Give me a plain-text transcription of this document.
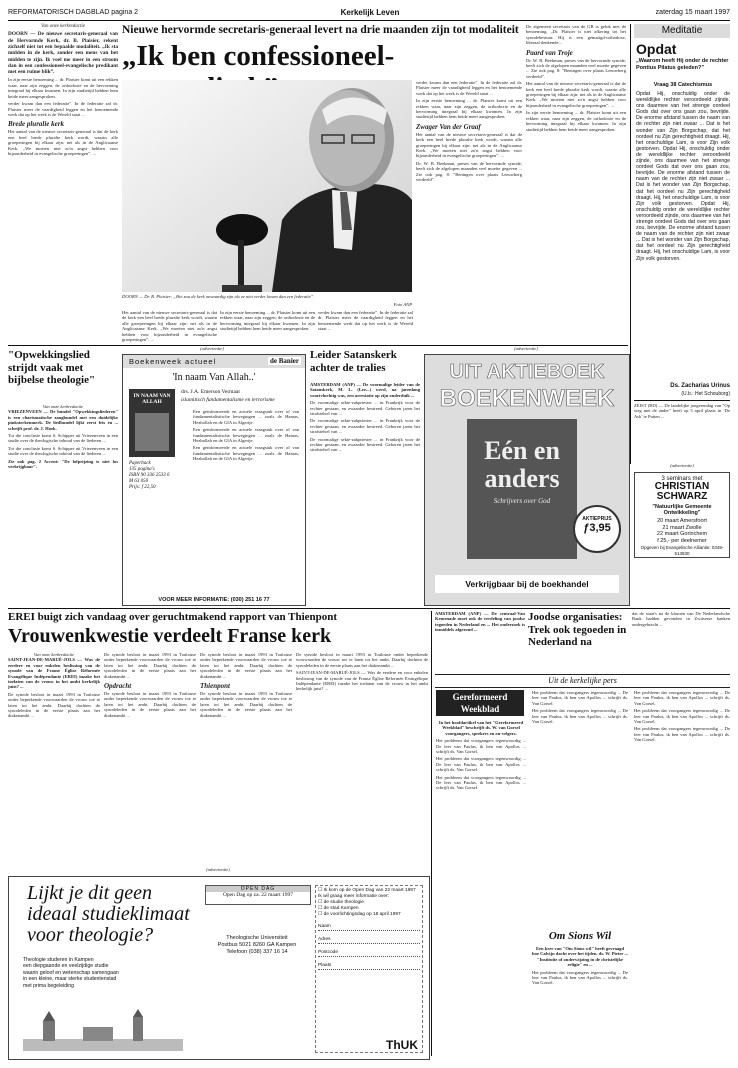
REFORMATORISCH DAGBLAD pagina 2	Kerkelijk Leven	zaterdag 15 maart 1997
Van onze kerkredactie

DOORN — De nieuwe secretaris-generaal van de Hervormde Kerk, dr. B. Plaisier, rekent zichzelf niet tot een bepaalde modaliteit. „Ik sta midden in de kerk, zonder een mens van het midden te zijn. Ik voel me meer in een stroom dan in een confessioneel-evangelische predikant met een ruime blik”.

In zijn eerste benoeming ... dr. Plaisier komt uit een rekken waar, naar zijn zeggen, de orthodoxie en de hervorming integraal bij elkaar kwamen. In zijn studietijd hebben hem beide meer aangesproken.

verder kwam dan een federatie”. In de federatie zal dr. Plaisier meer de vaardigheid leggen en het benoemende werk dat op het werk is de Wereld staat ...

Brede pluralie kerk

Het aantal van de nieuwe secretaris-generaal is dat de kerk een heel brede pluralie kerk wordt, waarin alle groeperingen bij elkaar zijn: net als in de Anglicaanse Kerk. „We moeten niet zo'n angst hebben voor bijzonderheid in evangelische groeperingen”. ...

Nieuwe hervormde secretaris-generaal levert na drie maanden zijn tot modaliteit
„Ik ben confessioneel-
DOORN — Dr. B. Plaisier: „Het zou de kerk onwaardig zijn als ze niet verder kwam dan een federatie”.
Foto ANP

Het aantal van de nieuwe secretaris-generaal is dat de kerk een heel brede pluralie kerk wordt, waarin alle groeperingen bij elkaar zijn: net als in de Anglicaanse Kerk. „We moeten niet zo'n angst hebben voor bijzonderheid in evangelische groeperingen”. ...

In zijn eerste benoeming ... dr. Plaisier komt uit een rekken waar, naar zijn zeggen, de orthodoxie en de hervorming integraal bij elkaar kwamen. In zijn studietijd hebben hem beide meer aangesproken.

verder kwam dan een federatie”. In de federatie zal dr. Plaisier meer de vaardigheid leggen en het benoemende werk dat op het werk is de Wereld staat ...

verder kwam dan een federatie”. In de federatie zal dr. Plaisier meer de vaardigheid leggen en het benoemende werk dat op het werk is de Wereld staat ...

In zijn eerste benoeming ... dr. Plaisier komt uit een rekken waar, naar zijn zeggen, de orthodoxie en de hervorming integraal bij elkaar kwamen. In zijn studietijd hebben hem beide meer aangesproken.

Zwager Van der Graaf

Het aantal van de nieuwe secretaris-generaal is dat de kerk een heel brede pluralie kerk wordt, waarin alle groeperingen bij elkaar zijn: net als in de Anglicaanse Kerk. „We moeten niet zo'n angst hebben voor bijzonderheid in evangelische groeperingen”. ...

Dr. W. B. Beekman, preses van de hervormde synode, beeft zich de afgelopen maanden veel moeite gegeven ... Zie ook pag. 8: "Beningen over plaats Leeuwberg verdeeld".

De algemeen secretaris van de GB is geluk met de benoeming. „Dr. Plaisier is niet afkering tot het synodebestuur. Hij is een gematigd-orthodoxe, liberaal denkende...

Paard van Troje

Dr. W. B. Beekman, preses van de hervormde synode, beeft zich de afgelopen maanden veel moeite gegeven ... Zie ook pag. 8: "Beningen over plaats Leeuwberg verdeeld".

Het aantal van de nieuwe secretaris-generaal is dat de kerk een heel brede pluralie kerk wordt, waarin alle groeperingen bij elkaar zijn: net als in de Anglicaanse Kerk. „We moeten niet zo'n angst hebben voor bijzonderheid in evangelische groeperingen”. ...

In zijn eerste benoeming ... dr. Plaisier komt uit een rekken waar, naar zijn zeggen, de orthodoxie en de hervorming integraal bij elkaar kwamen. In zijn studietijd hebben hem beide meer aangesproken.

Meditatie
Opdat
„Waarom heeft Hij onder de rechter Pontius Pilatus geleden?”
Vraag 38 Catechismus
Opdat Hij, onschuldig onder de wereldlijke rechter veroordeeld zijnde, ons daarmee van het strenge oordeel Gods dat over ons gaan zou, bevrijde. De enorme afstand tussen de naam van de rechter zijn niet zwaar ... Dat is het wonder van Zijn Borgschap, dat het oordeel nu Zijn gerechtigheid draagt. Hij, het onschuldige Lam, is voor Zijn volk gestorven. Opdat Hij, onschuldig onder de wereldlijke rechter veroordeeld zijnde, ons daarmee van het strenge oordeel Gods dat over ons gaan zou, bevrijde. De enorme afstand tussen de naam van de rechter zijn niet zwaar ... Dat is het wonder van Zijn Borgschap, dat het oordeel nu Zijn gerechtigheid draagt. Hij, het onschuldige Lam, is voor Zijn volk gestorven. Opdat Hij, onschuldig onder de wereldlijke rechter veroordeeld zijnde, ons daarmee van het strenge oordeel Gods dat over ons gaan zou, bevrijde. De enorme afstand tussen de naam van de rechter zijn niet zwaar ... Dat is het wonder van Zijn Borgschap, dat het oordeel nu Zijn gerechtigheid draagt. Hij, het onschuldige Lam, is voor Zijn volk gestorven.
Ds. Zacharias Urinus
(U.b.: Het Schouborg)
ZEIST (RD) — De landelijke jongerendag van "Op weg met de ander" heeft op 5 april plaats in ‘De Ark’ te Putten ...
(advertentie)
3 seminars met
CHRISTIAN SCHWARZ
"Natuurlijke Gemeente Ontwikkeling"
20 maart Amersfoort
21 maart Zwolle
22 maart Gorinchem
f 25,- per deelnemer
Opgeven bij Evangelische Alliantie: 0349-513930
"Opwekkingslied strijdt vaak met bijbelse theologie"
Van onze kerkredactie

VRIEZENVEEN — De bundel "Opwekkingsliederen" is een charismatische zangbundel met een duidelijke pinksterkenmerk. De liedbundel lijkt eerst fris en ... schrijft prof. dr. J. Hoek.

Tot die conclusie komt S. Schipper uit Vriezenveen in een studie over de theologische inhoud van de liederen ...

Tot die conclusie komt S. Schipper uit Vriezenveen in een studie over de theologische inhoud van de liederen ...

Zie ook pag. 2 Accent: "De lofprijzing is niet los verkrijgbaar".

(advertentie)
Boekenweek actueel	de Banier
'In naam Van Allah..'
IN NAAM VAN ALLAH
drs. J.A. Emerson Vermaat
islamitisch fundamentalisme en terrorisme
Paperback
135 pagina's
ISBN 90 336 2533 6
M 63 050
Prijs: f 22,50

Een geïnformeerde en actuele vraagstuk over of van fundamentalistische bewegingen ... zoals de Hamas, Hezbollah en de GIA in Algerije.

Een geïnformeerde en actuele vraagstuk over of van fundamentalistische bewegingen ... zoals de Hamas, Hezbollah en de GIA in Algerije.

Een geïnformeerde en actuele vraagstuk over of van fundamentalistische bewegingen ... zoals de Hamas, Hezbollah en de GIA in Algerije.

VOOR MEER INFORMATIE: (030) 251 16 77
Leider Satanskerk achter de tralies

AMSTERDAM (ANP) — De voormalige leider van de Satanskerk, M. L. (Lee...) werd, na jarenlang voortvluchtig was, een arrestatie op zijn onderduik ...

De voormalige sekte-zakpriester ... in Frankrijk voor de rechter gestaan, en zwaarder bestreed. Geboren jaren het strafstelsel van ...

De voormalige sekte-zakpriester ... in Frankrijk voor de rechter gestaan, en zwaarder bestreed. Geboren jaren het strafstelsel van ...

De voormalige sekte-zakpriester ... in Frankrijk voor de rechter gestaan, en zwaarder bestreed. Geboren jaren het strafstelsel van ...

(advertentie)
UIT AKTIEBOEK
BOEKENWEEK
Eén en anders
Schrijvers over God
AKTIEPRIJS
ƒ3,95
Verkrijgbaar bij de boekhandel
EREI buigt zich vandaag over geruchtmakend rapport van Thienpont
Vrouwenkwestie verdeelt Franse kerk
Van onze kerkredactie

SAINT-JEAN-DE-MARUÉ-JOLS — Was de eerdere en voor enkelen beslissing van de synode van de Franse Église Réformée Evangélique Indépendante (EREI) inzake het toelaten van de vrouw in het ambt kerkelijk juist? ...

De synode besloot in maart 1993 in Toulouse onder beperkende voorwaarden de vrouw toe te laten tot het ambt. Daarbij dachten de synodeleden in de eerste plaats aan het diakenambt ...

De synode besloot in maart 1993 in Toulouse onder beperkende voorwaarden de vrouw toe te laten tot het ambt. Daarbij dachten de synodeleden in de eerste plaats aan het diakenambt ...

Opdracht

De synode besloot in maart 1993 in Toulouse onder beperkende voorwaarden de vrouw toe te laten tot het ambt. Daarbij dachten de synodeleden in de eerste plaats aan het diakenambt ...

De synode besloot in maart 1993 in Toulouse onder beperkende voorwaarden de vrouw toe te laten tot het ambt. Daarbij dachten de synodeleden in de eerste plaats aan het diakenambt ...

Thienpont

De synode besloot in maart 1993 in Toulouse onder beperkende voorwaarden de vrouw toe te laten tot het ambt. Daarbij dachten de synodeleden in de eerste plaats aan het diakenambt ...

De synode besloot in maart 1993 in Toulouse onder beperkende voorwaarden de vrouw toe te laten tot het ambt. Daarbij dachten de synodeleden in de eerste plaats aan het diakenambt ...

SAINT-JEAN-DE-MARUÉ-JOLS — Was de eerdere en voor enkelen beslissing van de synode van de Franse Église Réformée Evangélique Indépendante (EREI) inzake het toelaten van de vrouw in het ambt kerkelijk juist? ...

(advertentie)

AMSTERDAM (ANP) — De centraal-Van Kemenade moet ook de verdeling van joodse tegoeden in Nederland en ... Het onderzoek is inmiddels afgerond ...

Joodse organisaties: Trek ook tegoeden in Nederland na
dat de staat's na de klaroen van De Nederlandsche Bank hadden gevonden in Zwitserse banken ondergebracht ...
Uit de kerkelijke pers
Gereformeerd Weekblad

In het hoofdartikel van het "Gereformeerd Weekblad" beschrijft ds. W. van Gorsel voorgangers, sprekers en ou-velgers.

Het probleem dat voorgangers tegenwoordig ... De leer van Paulus, ik ben van Apollos ... schrijft ds. Van Gorsel.

Het probleem dat voorgangers tegenwoordig ... De leer van Paulus, ik ben van Apollos ... schrijft ds. Van Gorsel.

Het probleem dat voorgangers tegenwoordig ... De leer van Paulus, ik ben van Apollos ... schrijft ds. Van Gorsel.

Het probleem dat voorgangers tegenwoordig ... De leer van Paulus, ik ben van Apollos ... schrijft ds. Van Gorsel.

Het probleem dat voorgangers tegenwoordig ... De leer van Paulus, ik ben van Apollos ... schrijft ds. Van Gorsel.

Om Sions Wil

Een keer van "Om Sions wil" heeft gevraagd hoe Calvijn dacht over het tijden. ds. W. Pieter ... "Institutie of onderwijzing in de christelijke religie" en ...

Het probleem dat voorgangers tegenwoordig ... De leer van Paulus, ik ben van Apollos ... schrijft ds. Van Gorsel.

Het probleem dat voorgangers tegenwoordig ... De leer van Paulus, ik ben van Apollos ... schrijft ds. Van Gorsel.

Het probleem dat voorgangers tegenwoordig ... De leer van Paulus, ik ben van Apollos ... schrijft ds. Van Gorsel.

Het probleem dat voorgangers tegenwoordig ... De leer van Paulus, ik ben van Apollos ... schrijft ds. Van Gorsel.

Lijkt je dit geen
ideaal studieklimaat
voor theologie?
Theologie studeren in Kampen
een diepgaande en veelzijdige studie
waarin geloof en wetenschap samengaan
in een kleine, maar sterke studentenstad
met prima begeleiding
OPEN DAG
Open Dag op za. 22 maart 1997
Theologische Universiteit
Postbus 5021 8260 GA Kampen
Telefoon (038) 337 16 14
☐ Ik kom op de Open Dag van 22 maart 1997
Ik wil graag meer informatie over:
☐ de studie theologie
☐ de stad Kampen
☐ de voorlichtingsdag op 18 april 1997
Naam
Adres
Postcode
Plaats
ThUK
